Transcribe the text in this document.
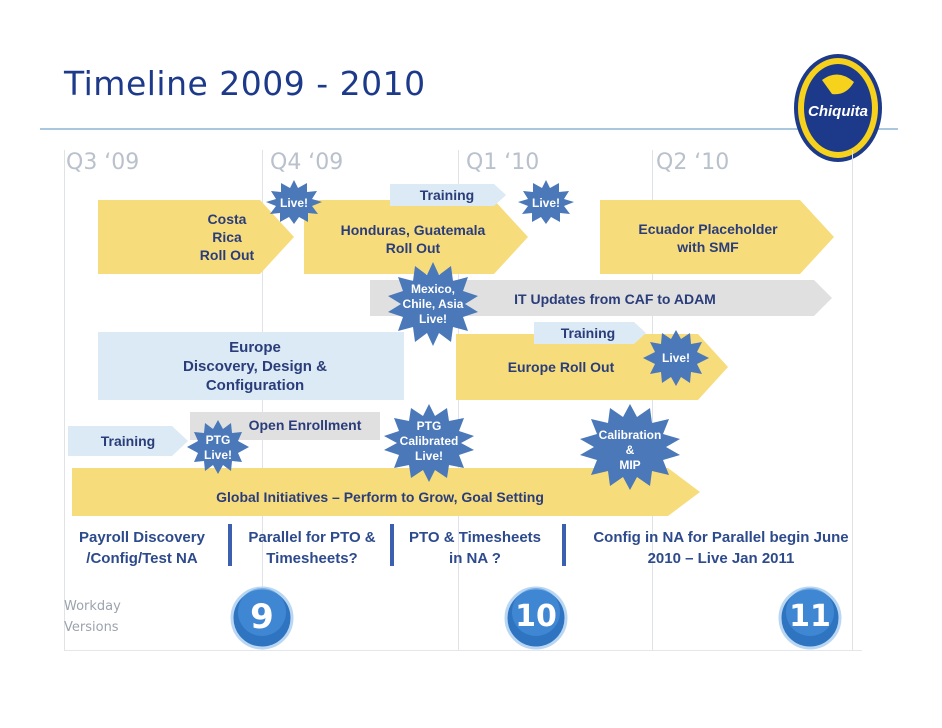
Timeline 2009 - 2010
Chiquita
Q3 ‘09	Q4 ‘09	Q1 ‘10	Q2 ‘10
Costa
Rica
Roll Out
Honduras, Guatemala
Roll Out
Training
Ecuador Placeholder
with SMF
IT Updates from CAF to ADAM
Europe
Discovery, Design &
Configuration
Europe Roll Out
Training
Open Enrollment
Training
Global Initiatives – Perform to Grow, Goal Setting
Live!	Live!
Mexico,
Chile, Asia
Live!
Live!
PTG
Live!
PTG
Calibrated
Live!
Calibration
&
MIP
Payroll Discovery
/Config/Test NA
Parallel for PTO &
Timesheets?
PTO & Timesheets
in NA ?
Config in NA for Parallel begin June
2010 – Live Jan 2011
Workday
Versions	9	10	11
